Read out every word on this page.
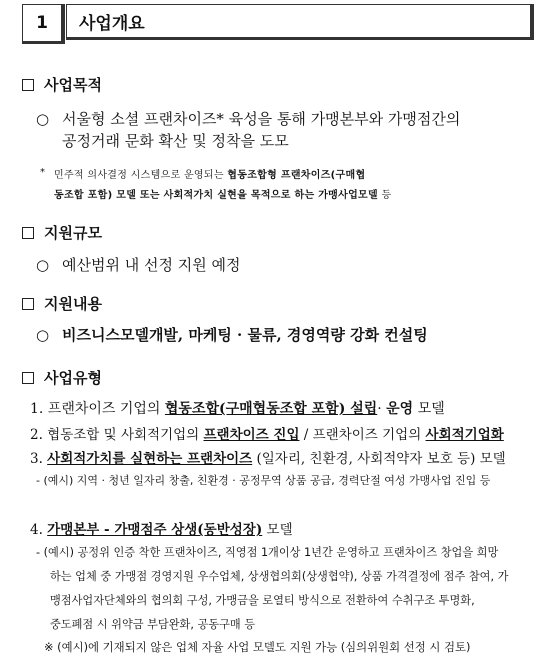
1	사업개요
사업목적
○ 서울형 소셜 프랜차이즈* 육성을 통해 가맹본부와 가맹점간의
공정거래 문화 확산 및 정착을 도모
* 민주적 의사결정 시스템으로 운영되는 협동조합형 프랜차이즈(구매협
동조합 포함) 모델 또는 사회적가치 실현을 목적으로 하는 가맹사업모델 등
지원규모
○ 예산범위 내 선정 지원 예정
지원내용
○ 비즈니스모델개발, 마케팅 · 물류, 경영역량 강화 컨설팅
사업유형
1. 프랜차이즈 기업의 협동조합(구매협동조합 포함) 설립· 운영 모델
2. 협동조합 및 사회적기업의 프랜차이즈 진입 / 프랜차이즈 기업의 사회적기업화
3. 사회적가치를 실현하는 프랜차이즈 (일자리, 친환경, 사회적약자 보호 등) 모델
- (예시) 지역 · 청년 일자리 창출, 친환경 · 공정무역 상품 공급, 경력단절 여성 가맹사업 진입 등
4. 가맹본부 - 가맹점주 상생(동반성장) 모델
- (예시) 공정위 인증 착한 프랜차이즈, 직영점 1개이상 1년간 운영하고 프랜차이즈 창업을 희망
하는 업체 중 가맹점 경영지원 우수업체, 상생협의회(상생협약), 상품 가격결정에 점주 참여, 가
맹점사업자단체와의 협의회 구성, 가맹금을 로열티 방식으로 전환하여 수취구조 투명화,
중도폐점 시 위약금 부담완화, 공동구매 등
※ (예시)에 기재되지 않은 업체 자율 사업 모델도 지원 가능 (심의위원회 선정 시 검토)
